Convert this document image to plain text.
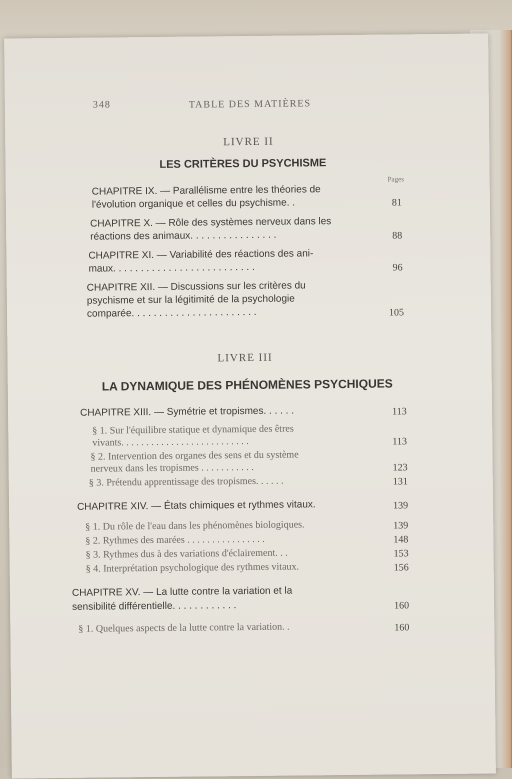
348	TABLE DES MATIÈRES
LIVRE II
LES CRITÈRES DU PSYCHISME
Pages
CHAPITRE IX. — Parallélisme entre les théories de
l'évolution organique et celles du psychisme. .	81
CHAPITRE X. — Rôle des systèmes nerveux dans les
réactions des animaux. . . . . . . . . . . . . . . .	88
CHAPITRE XI. — Variabilité des réactions des ani-
maux. . . . . . . . . . . . . . . . . . . . . . . . . .	96
CHAPITRE XII. — Discussions sur les critères du
psychisme et sur la légitimité de la psychologie
comparée. . . . . . . . . . . . . . . . . . . . . . .	105
LIVRE III
LA DYNAMIQUE DES PHÉNOMÈNES PSYCHIQUES
CHAPITRE XIII. — Symétrie et tropismes. . . . . .	113
§ 1. Sur l'équilibre statique et dynamique des êtres
vivants. . . . . . . . . . . . . . . . . . . . . . . . . .	113
§ 2. Intervention des organes des sens et du système
nerveux dans les tropismes . . . . . . . . . . .	123
§ 3. Prétendu apprentissage des tropismes. . . . . .	131
CHAPITRE XIV. — États chimiques et rythmes vitaux.	139
§ 1. Du rôle de l'eau dans les phénomènes biologiques.	139
§ 2. Rythmes des marées . . . . . . . . . . . . . . . .	148
§ 3. Rythmes dus à des variations d'éclairement. . .	153
§ 4. Interprétation psychologique des rythmes vitaux.	156
CHAPITRE XV. — La lutte contre la variation et la
sensibilité différentielle. . . . . . . . . . . .	160
§ 1. Quelques aspects de la lutte contre la variation. .	160
